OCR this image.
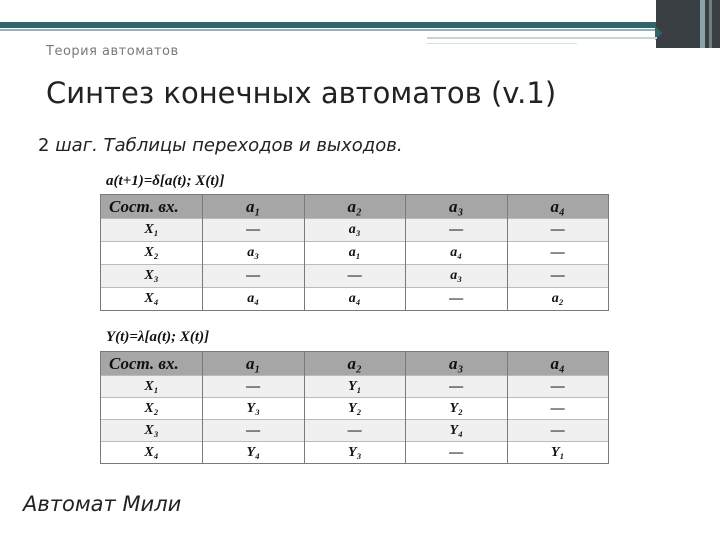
Теория автоматов
Синтез конечных автоматов (v.1)
2 шаг. Таблицы переходов и выходов.
a(t+1)=δ[a(t); X(t)]
Сост. вх.	a₁	a₂	a₃	a₄
X₁	—	a₃	—	—
X₂	a₃	a₁	a₄	—
X₃	—	—	a₃	—
X₄	a₄	a₄	—	a₂
Y(t)=λ[a(t); X(t)]
Сост. вх.	a₁	a₂	a₃	a₄
X₁	—	Y₁	—	—
X₂	Y₃	Y₂	Y₂	—
X₃	—	—	Y₄	—
X₄	Y₄	Y₃	—	Y₁
Автомат Мили
